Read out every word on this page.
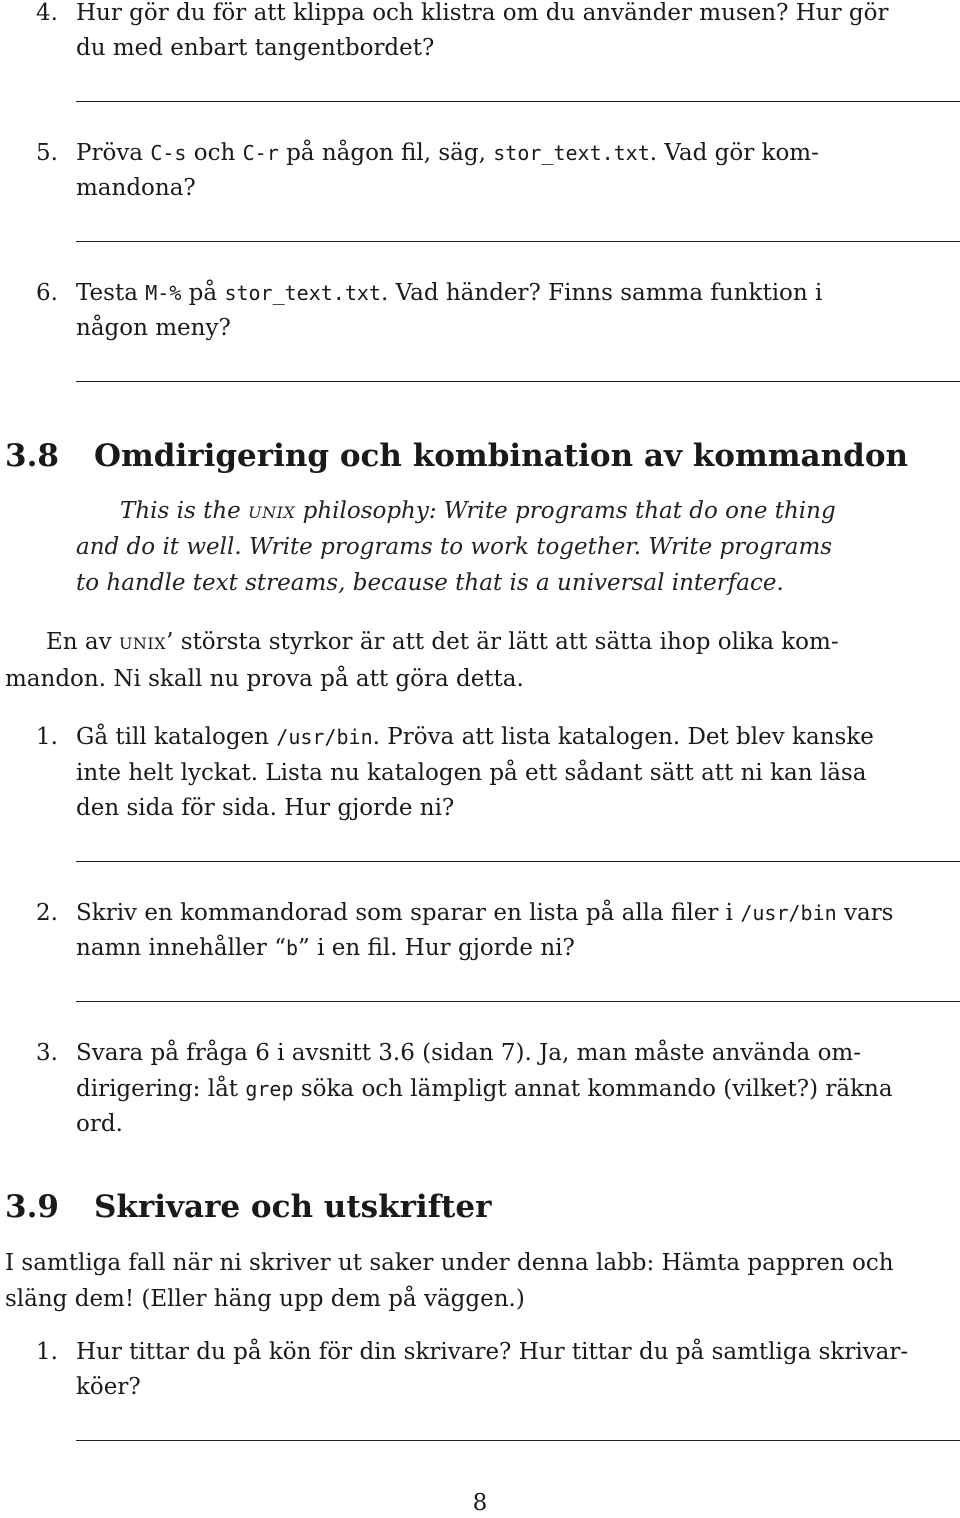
4. Hur gör du för att klippa och klistra om du använder musen? Hur gör
du med enbart tangentbordet?
5. Pröva C-s och C-r på någon fil, säg, stor_text.txt. Vad gör kom-
mandona?
6. Testa M-% på stor_text.txt. Vad händer? Finns samma funktion i
någon meny?
3.8 Omdirigering och kombination av kommandon
This is the unix philosophy: Write programs that do one thing
and do it well. Write programs to work together. Write programs
to handle text streams, because that is a universal interface.
En av unix’ största styrkor är att det är lätt att sätta ihop olika kom-
mandon. Ni skall nu prova på att göra detta.
1. Gå till katalogen /usr/bin. Pröva att lista katalogen. Det blev kanske
inte helt lyckat. Lista nu katalogen på ett sådant sätt att ni kan läsa
den sida för sida. Hur gjorde ni?
2. Skriv en kommandorad som sparar en lista på alla filer i /usr/bin vars
namn innehåller “b” i en fil. Hur gjorde ni?
3. Svara på fråga 6 i avsnitt 3.6 (sidan 7). Ja, man måste använda om-
dirigering: låt grep söka och lämpligt annat kommando (vilket?) räkna
ord.
3.9 Skrivare och utskrifter
I samtliga fall när ni skriver ut saker under denna labb: Hämta pappren och
släng dem! (Eller häng upp dem på väggen.)
1. Hur tittar du på kön för din skrivare? Hur tittar du på samtliga skrivar-
köer?
8
